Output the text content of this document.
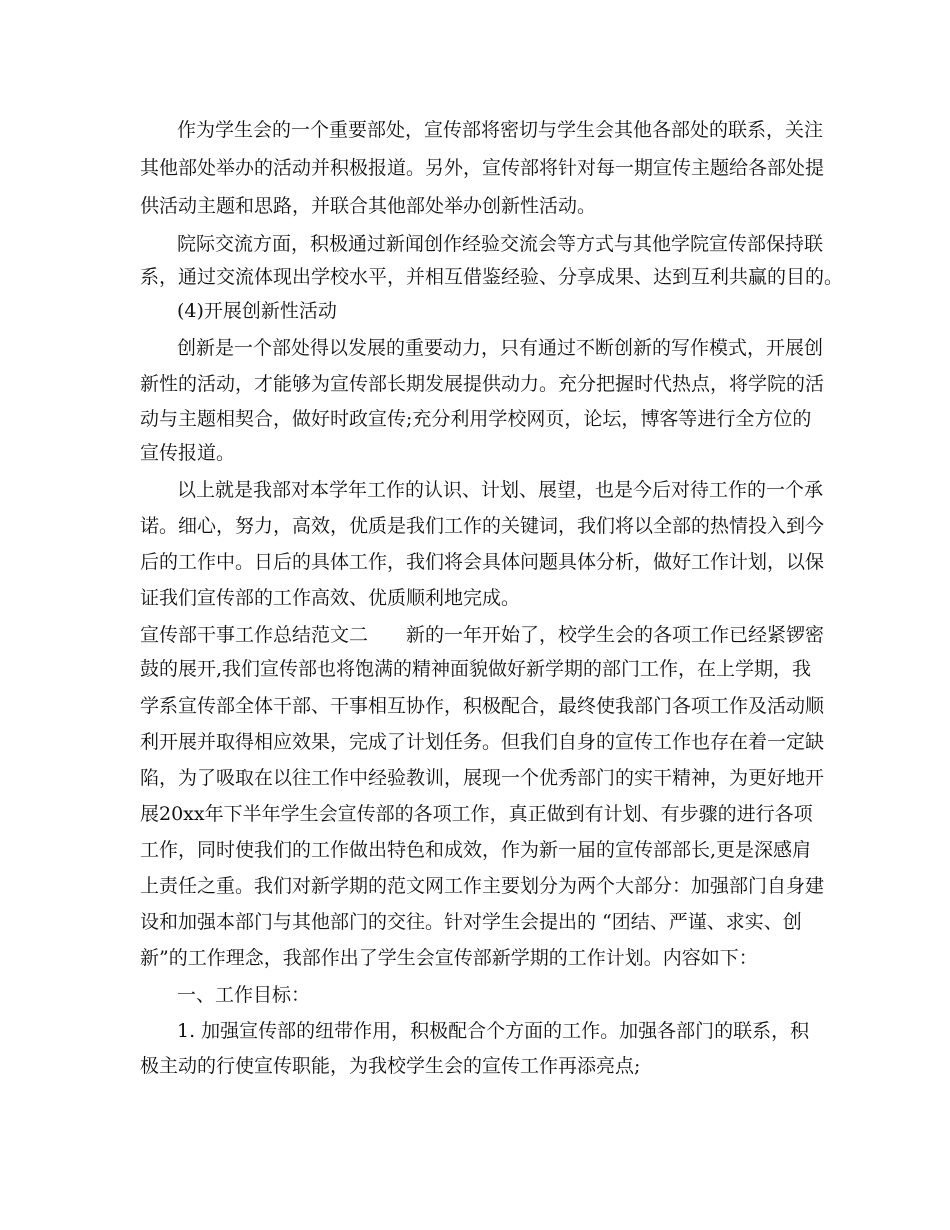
作为学生会的一个重要部处，宣传部将密切与学生会其他各部处的联系，关注
其他部处举办的活动并积极报道。另外，宣传部将针对每一期宣传主题给各部处提
供活动主题和思路，并联合其他部处举办创新性活动。
院际交流方面，积极通过新闻创作经验交流会等方式与其他学院宣传部保持联
系，通过交流体现出学校水平，并相互借鉴经验、分享成果、达到互利共赢的目的。
(4)开展创新性活动
创新是一个部处得以发展的重要动力，只有通过不断创新的写作模式，开展创
新性的活动，才能够为宣传部长期发展提供动力。充分把握时代热点，将学院的活
动与主题相契合，做好时政宣传;充分利用学校网页，论坛，博客等进行全方位的
宣传报道。
以上就是我部对本学年工作的认识、计划、展望，也是今后对待工作的一个承
诺。细心，努力，高效，优质是我们工作的关键词，我们将以全部的热情投入到今
后的工作中。日后的具体工作，我们将会具体问题具体分析，做好工作计划，以保
证我们宣传部的工作高效、优质顺利地完成。
宣传部干事工作总结范文二　　新的一年开始了，校学生会的各项工作已经紧锣密
鼓的展开,我们宣传部也将饱满的精神面貌做好新学期的部门工作，在上学期，我
学系宣传部全体干部、干事相互协作，积极配合，最终使我部门各项工作及活动顺
利开展并取得相应效果，完成了计划任务。但我们自身的宣传工作也存在着一定缺
陷，为了吸取在以往工作中经验教训，展现一个优秀部门的实干精神，为更好地开
展20xx年下半年学生会宣传部的各项工作，真正做到有计划、有步骤的进行各项
工作，同时使我们的工作做出特色和成效，作为新一届的宣传部部长,更是深感肩
上责任之重。我们对新学期的范文网工作主要划分为两个大部分：加强部门自身建
设和加强本部门与其他部门的交往。针对学生会提出的 “团结、严谨、求实、创
新”的工作理念，我部作出了学生会宣传部新学期的工作计划。内容如下：
一、工作目标：
1. 加强宣传部的纽带作用，积极配合个方面的工作。加强各部门的联系，积
极主动的行使宣传职能，为我校学生会的宣传工作再添亮点;
